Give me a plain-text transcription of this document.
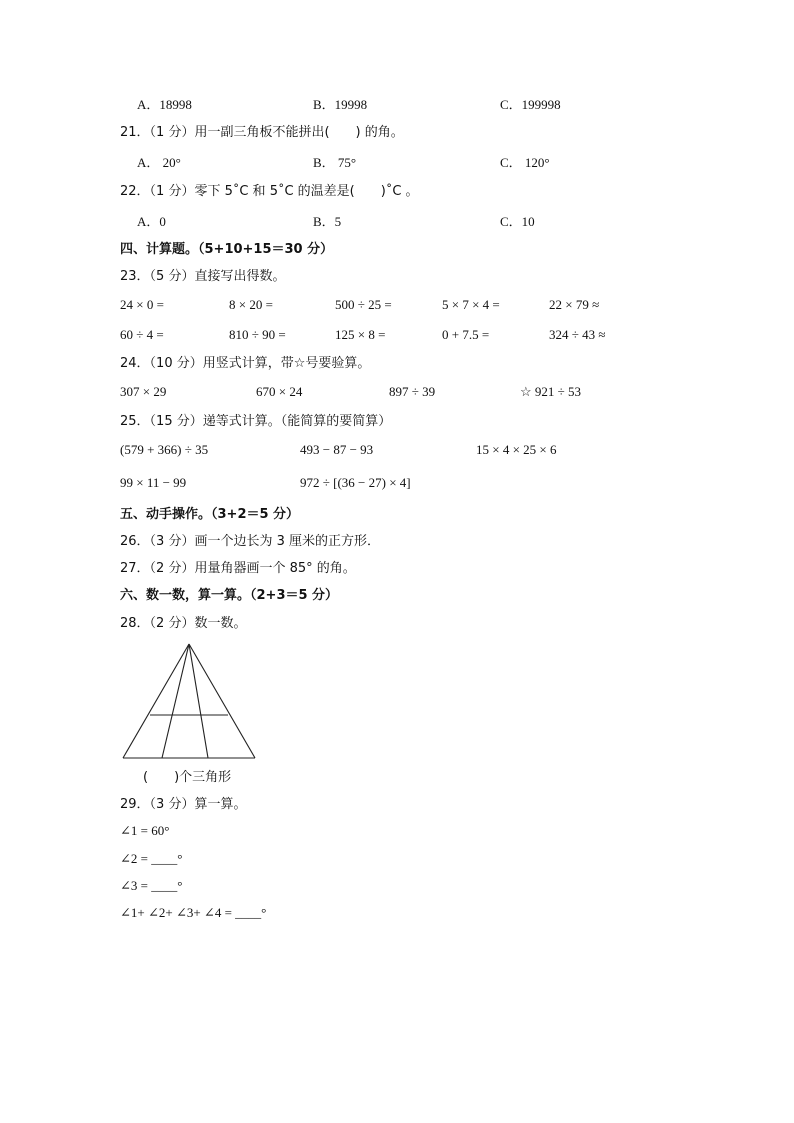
A．18998	B．19998	C．199998
21．（1 分）用一副三角板不能拼出(　　) 的角。
A． 20°	B． 75°	C． 120°
22．（1 分）零下 5˚C 和 5˚C 的温差是(　　)˚C 。
A．0	B．5	C．10
四、计算题。（5+10+15＝30 分）
23．（5 分）直接写出得数。
24 × 0 =	8 × 20 =	500 ÷ 25 =	5 × 7 × 4 =	22 × 79 ≈
60 ÷ 4 =	810 ÷ 90 =	125 × 8 =	0 + 7.5 =	324 ÷ 43 ≈
24．（10 分）用竖式计算，带☆号要验算。
307 × 29	670 × 24	897 ÷ 39	☆ 921 ÷ 53
25．（15 分）递等式计算。（能简算的要简算）
(579 + 366) ÷ 35	493 − 87 − 93	15 × 4 × 25 × 6
99 × 11 − 99	972 ÷ [(36 − 27) × 4]
五、动手操作。（3+2＝5 分）
26．（3 分）画一个边长为 3 厘米的正方形．
27．（2 分）用量角器画一个 85° 的角。
六、数一数，算一算。（2+3＝5 分）
28．（2 分）数一数。
(　　)个三角形
29．（3 分）算一算。
∠1 = 60°
∠2 = ____°
∠3 = ____°
∠1+ ∠2+ ∠3+ ∠4 = ____°
